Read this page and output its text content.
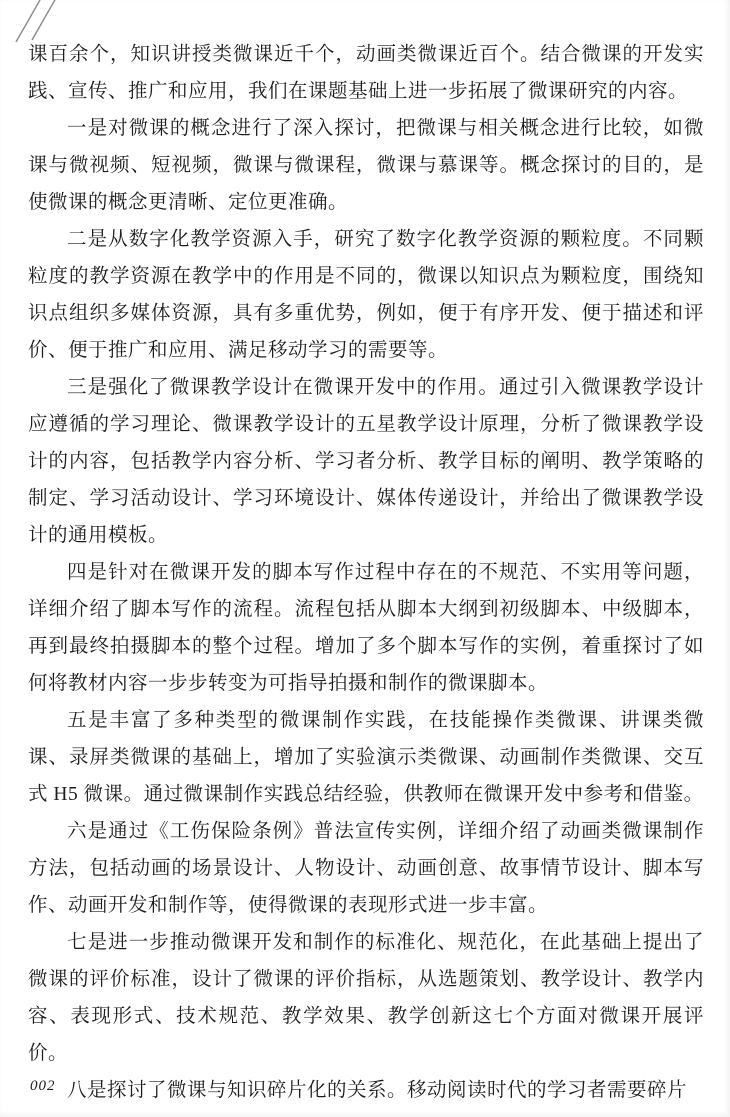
课百余个，知识讲授类微课近千个，动画类微课近百个。结合微课的开发实践、宣传、推广和应用，我们在课题基础上进一步拓展了微课研究的内容。

一是对微课的概念进行了深入探讨，把微课与相关概念进行比较，如微课与微视频、短视频，微课与微课程，微课与慕课等。概念探讨的目的，是使微课的概念更清晰、定位更准确。

二是从数字化教学资源入手，研究了数字化教学资源的颗粒度。不同颗粒度的教学资源在教学中的作用是不同的，微课以知识点为颗粒度，围绕知识点组织多媒体资源，具有多重优势，例如，便于有序开发、便于描述和评价、便于推广和应用、满足移动学习的需要等。

三是强化了微课教学设计在微课开发中的作用。通过引入微课教学设计应遵循的学习理论、微课教学设计的五星教学设计原理，分析了微课教学设计的内容，包括教学内容分析、学习者分析、教学目标的阐明、教学策略的制定、学习活动设计、学习环境设计、媒体传递设计，并给出了微课教学设计的通用模板。

四是针对在微课开发的脚本写作过程中存在的不规范、不实用等问题，详细介绍了脚本写作的流程。流程包括从脚本大纲到初级脚本、中级脚本，再到最终拍摄脚本的整个过程。增加了多个脚本写作的实例，着重探讨了如何将教材内容一步步转变为可指导拍摄和制作的微课脚本。

五是丰富了多种类型的微课制作实践，在技能操作类微课、讲课类微课、录屏类微课的基础上，增加了实验演示类微课、动画制作类微课、交互式 H5 微课。通过微课制作实践总结经验，供教师在微课开发中参考和借鉴。

六是通过《工伤保险条例》普法宣传实例，详细介绍了动画类微课制作方法，包括动画的场景设计、人物设计、动画创意、故事情节设计、脚本写作、动画开发和制作等，使得微课的表现形式进一步丰富。

七是进一步推动微课开发和制作的标准化、规范化，在此基础上提出了微课的评价标准，设计了微课的评价指标，从选题策划、教学设计、教学内容、表现形式、技术规范、教学效果、教学创新这七个方面对微课开展评价。

八是探讨了微课与知识碎片化的关系。移动阅读时代的学习者需要碎片

002
